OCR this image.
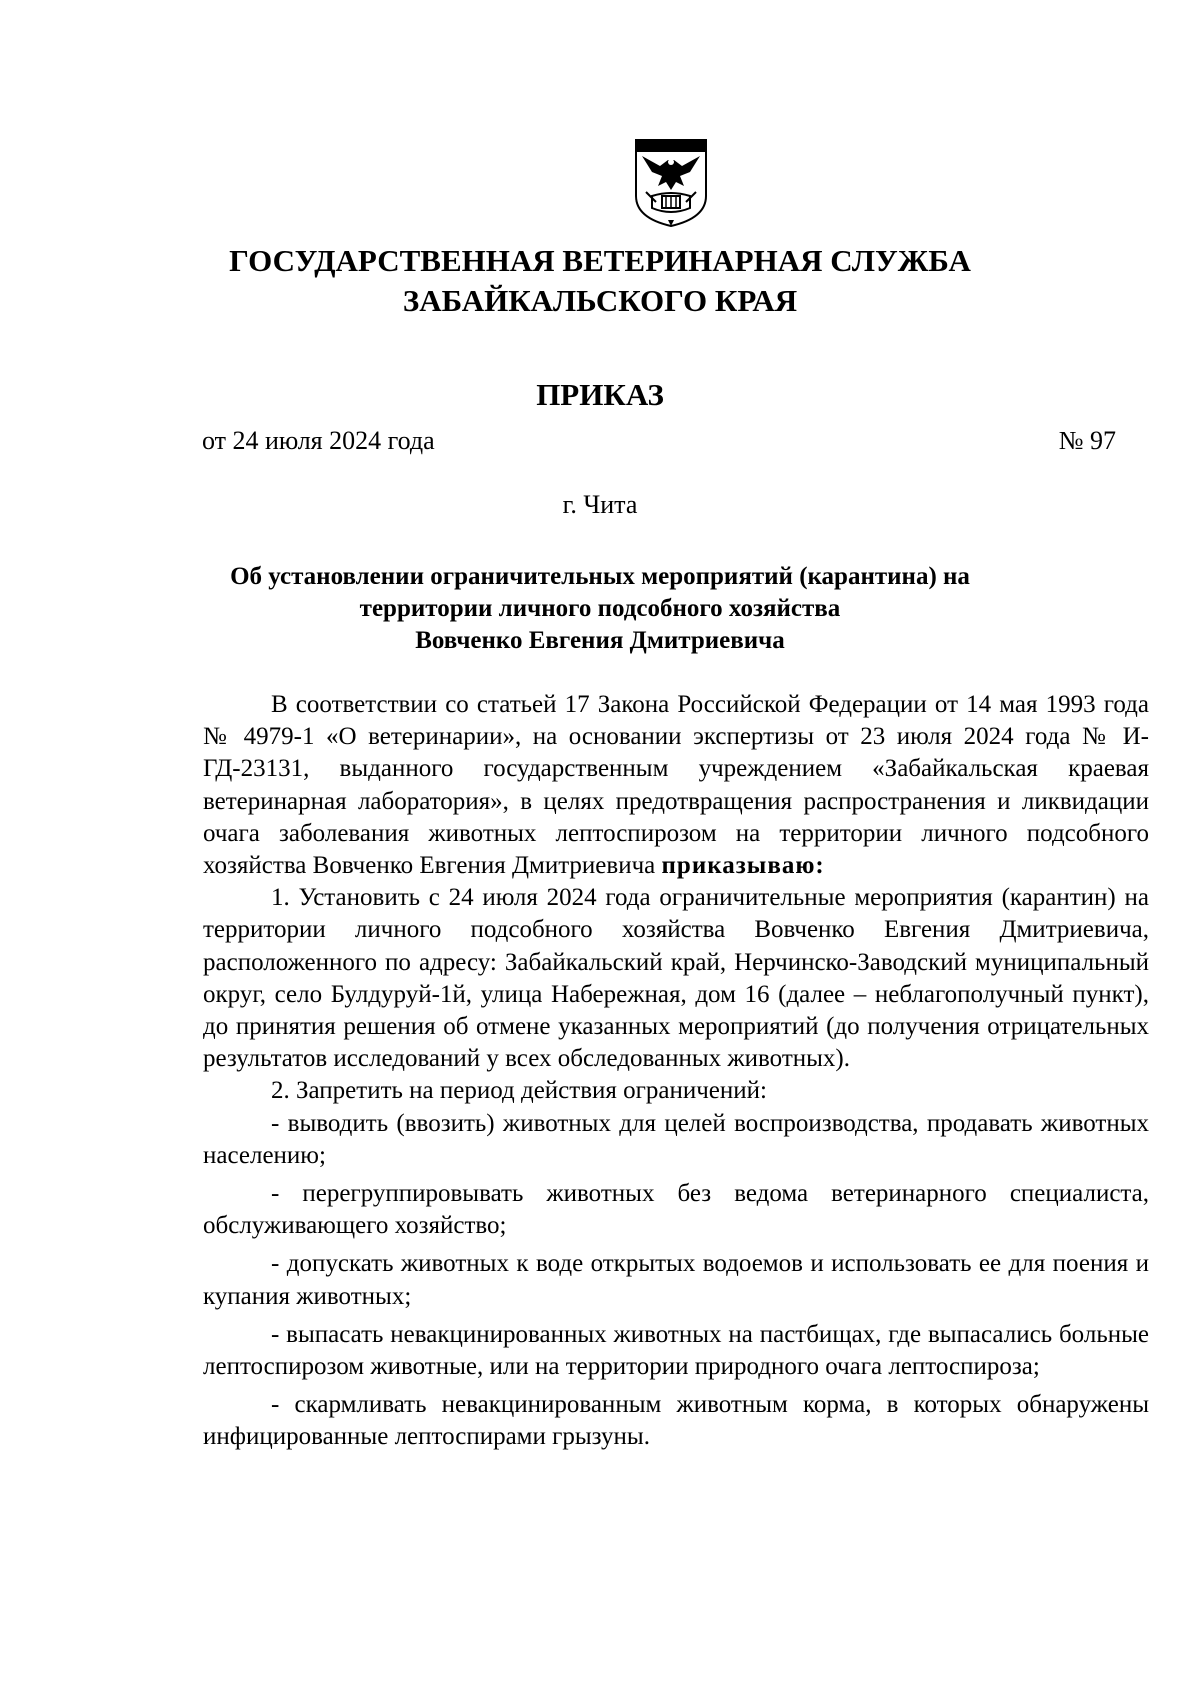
ГОСУДАРСТВЕННАЯ ВЕТЕРИНАРНАЯ СЛУЖБА
ЗАБАЙКАЛЬСКОГО КРАЯ
ПРИКАЗ
от 24 июля 2024 года	№ 97
г. Чита
Об установлении ограничительных мероприятий (карантина) на
территории личного подсобного хозяйства
Вовченко Евгения Дмитриевича

В соответствии со статьей 17 Закона Российской Федерации от 14 мая 1993 года № 4979-1 «О ветеринарии», на основании экспертизы от 23 июля 2024 года № И-ГД-23131, выданного государственным учреждением «Забайкальская краевая ветеринарная лаборатория», в целях предотвращения распространения и ликвидации очага заболевания животных лептоспирозом на территории личного подсобного хозяйства Вовченко Евгения Дмитриевича приказываю:

1. Установить с 24 июля 2024 года ограничительные мероприятия (карантин) на территории личного подсобного хозяйства Вовченко Евгения Дмитриевича, расположенного по адресу: Забайкальский край, Нерчинско-Заводский муниципальный округ, село Булдуруй-1й, улица Набережная, дом 16 (далее – неблагополучный пункт), до принятия решения об отмене указанных мероприятий (до получения отрицательных результатов исследований у всех обследованных животных).

2. Запретить на период действия ограничений:

- выводить (ввозить) животных для целей воспроизводства, продавать животных населению;

- перегруппировывать животных без ведома ветеринарного специалиста, обслуживающего хозяйство;

- допускать животных к воде открытых водоемов и использовать ее для поения и купания животных;

- выпасать невакцинированных животных на пастбищах, где выпасались больные лептоспирозом животные, или на территории природного очага лептоспироза;

- скармливать невакцинированным животным корма, в которых обнаружены инфицированные лептоспирами грызуны.
